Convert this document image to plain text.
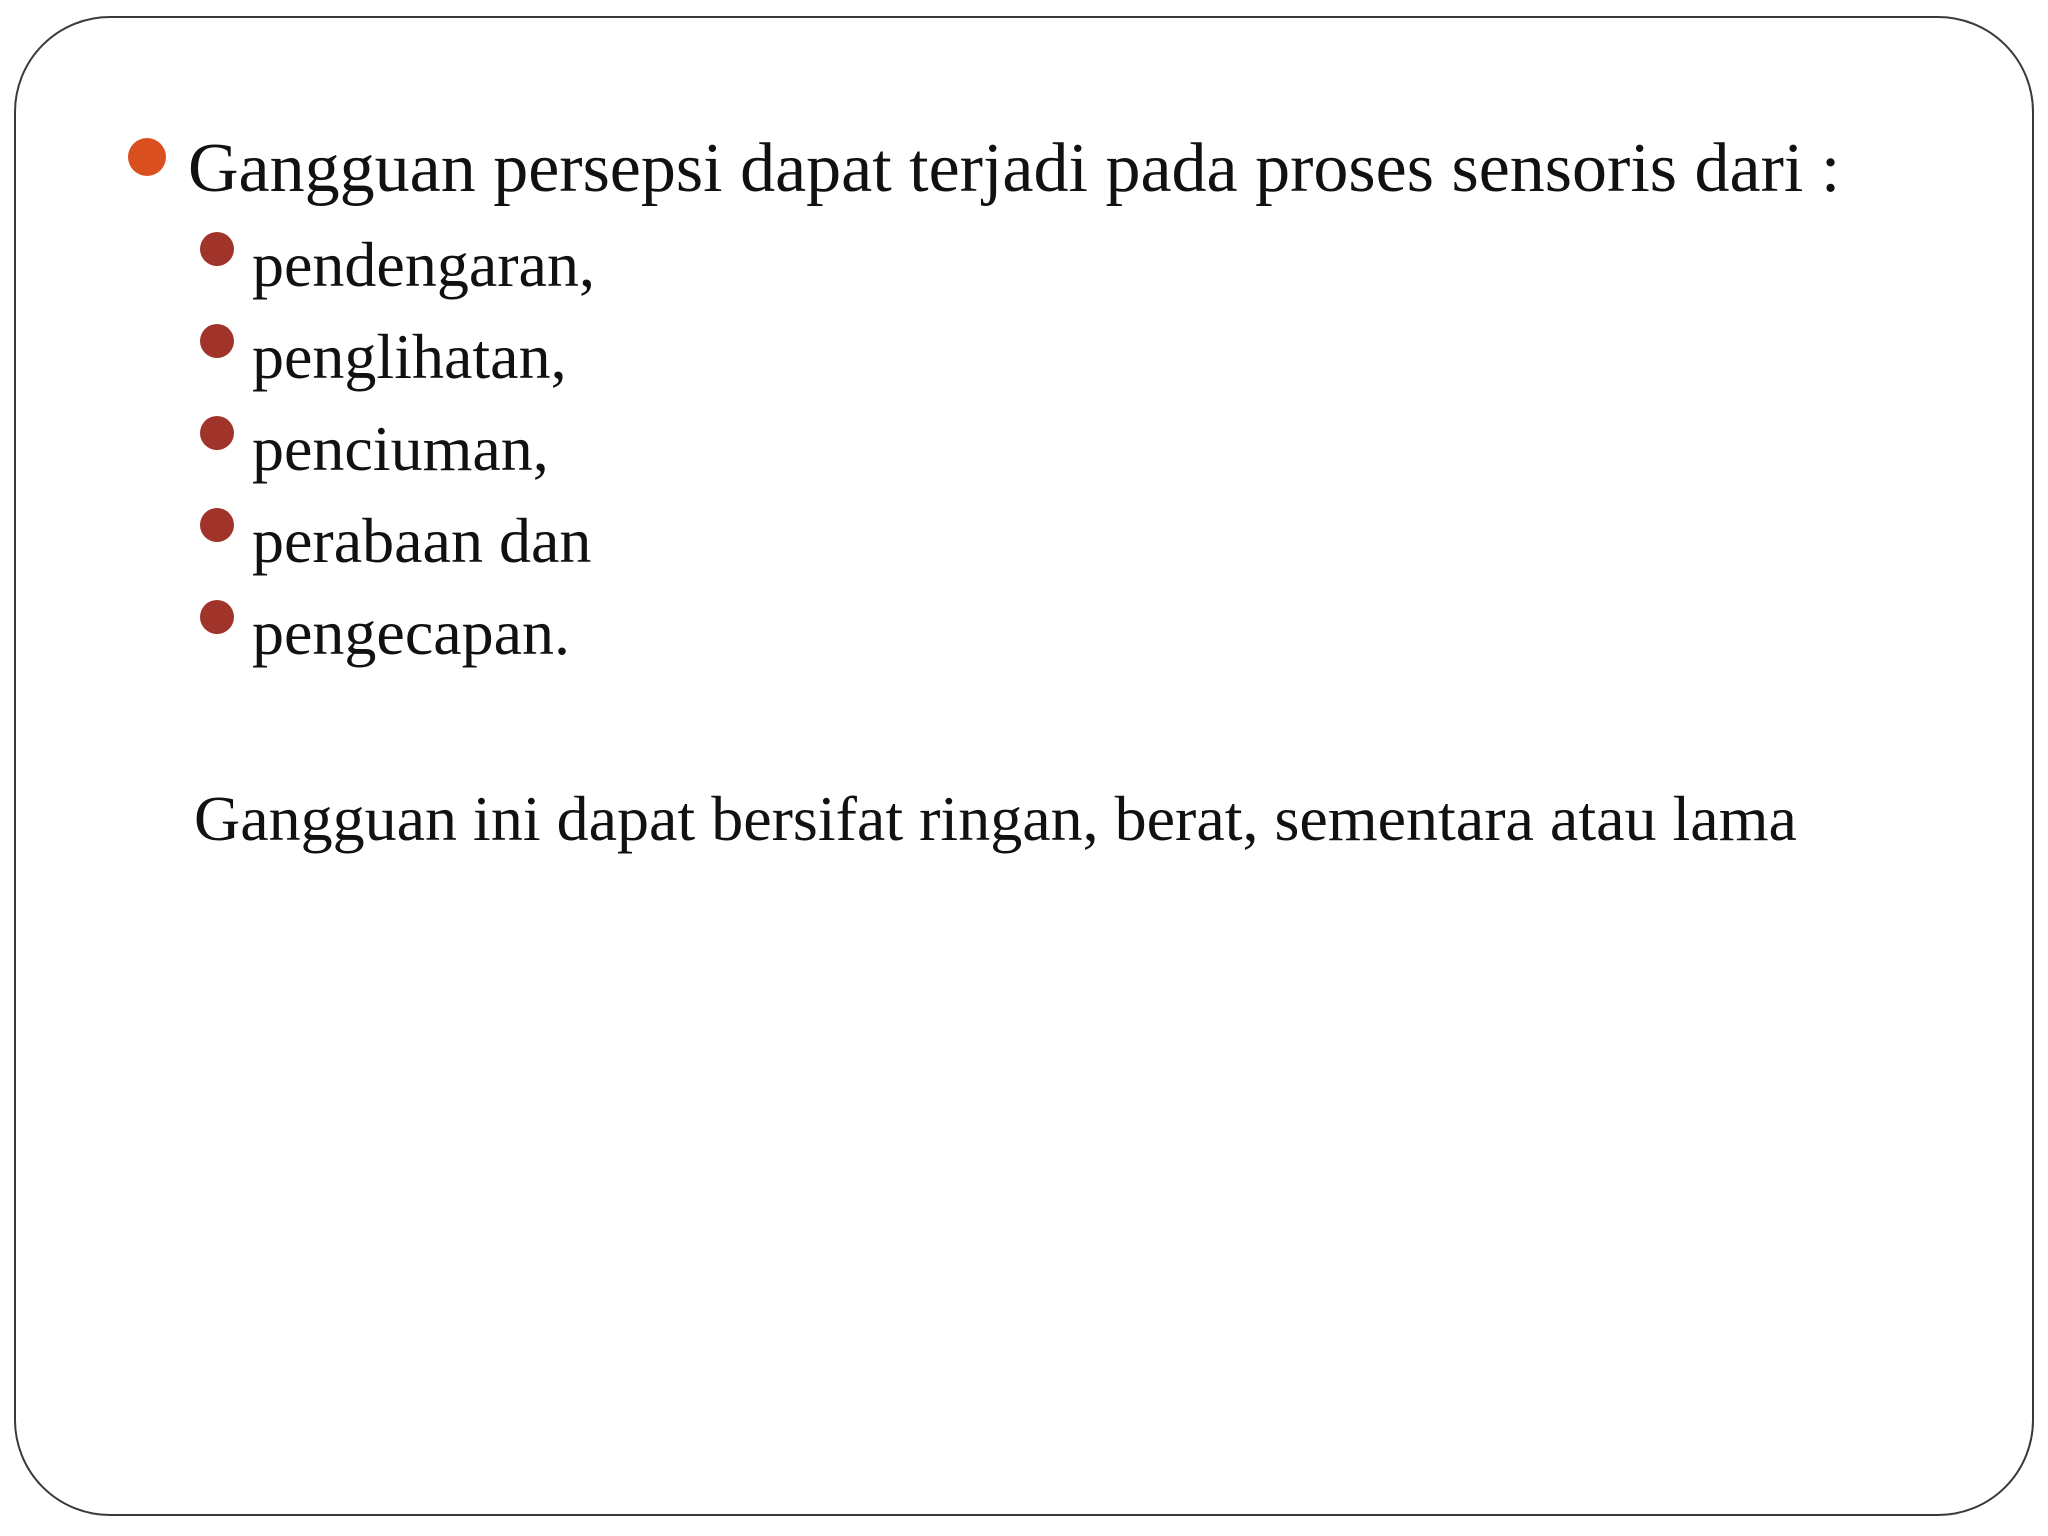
Gangguan persepsi dapat terjadi pada proses sensoris dari :
pendengaran,
penglihatan,
penciuman,
perabaan dan
pengecapan.
Gangguan ini dapat bersifat ringan, berat, sementara atau lama
